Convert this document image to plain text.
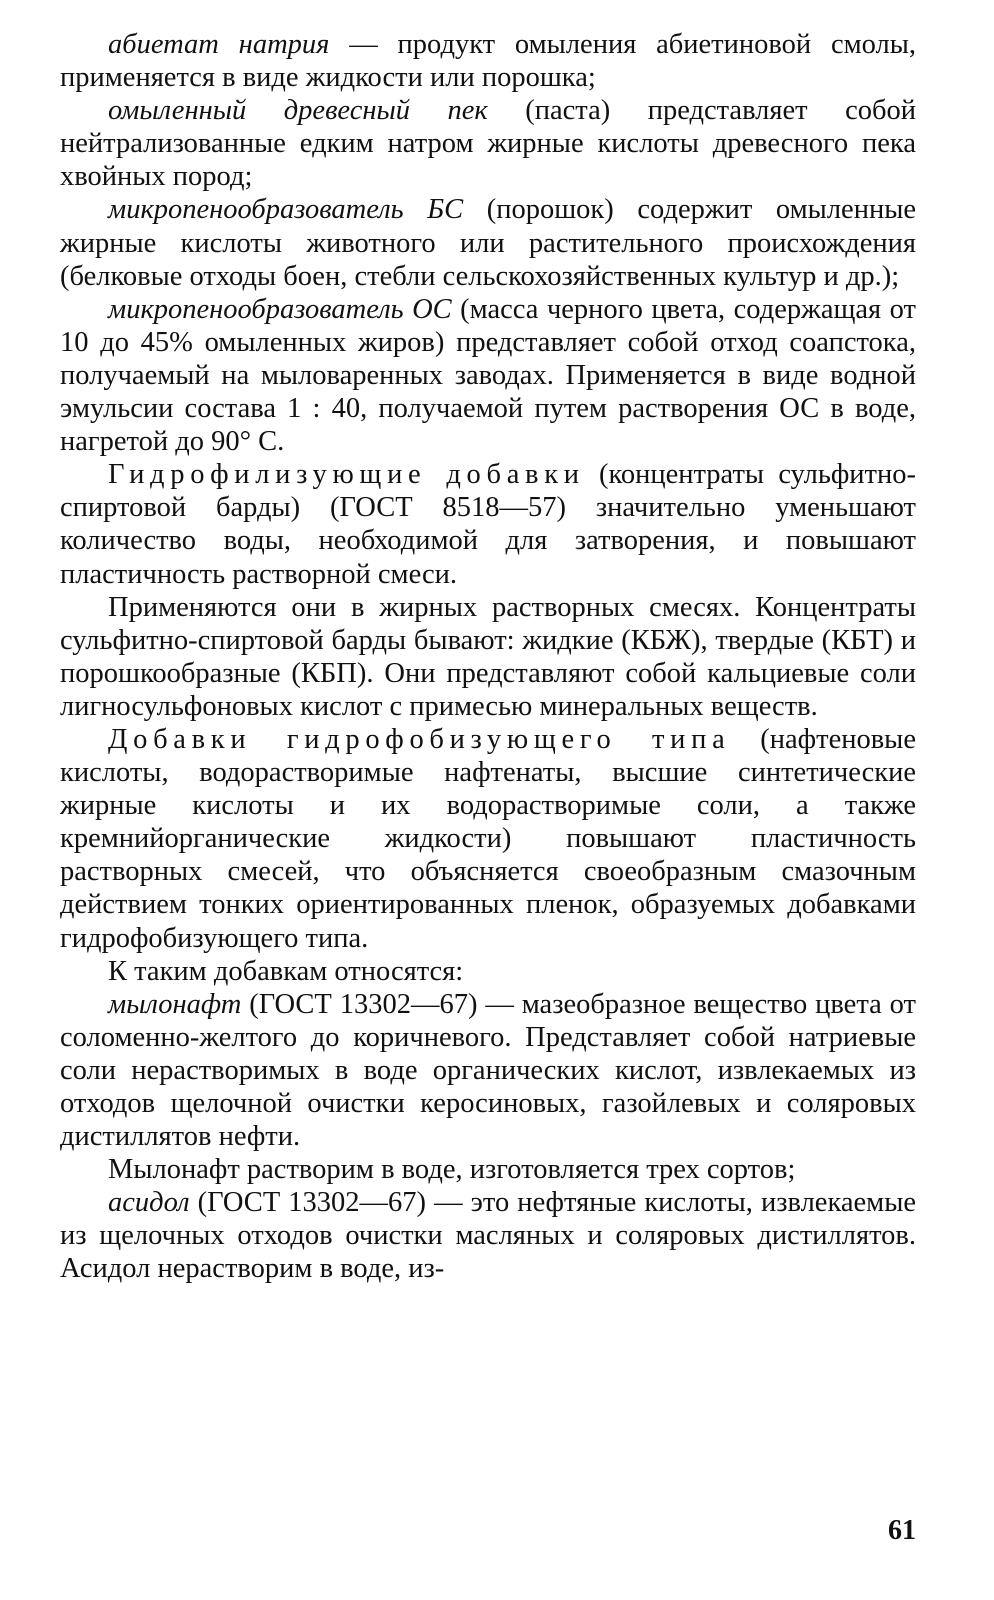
абиетат натрия — продукт омыления абиетиновой смолы, применяется в виде жидкости или порошка;

омыленный древесный пек (паста) представляет собой нейтрализованные едким натром жирные кислоты древесного пека хвойных пород;

микропенообразователь БС (порошок) содержит омыленные жирные кислоты животного или растительного происхождения (белковые отходы боен, стебли сельскохозяйственных культур и др.);

микропенообразователь ОС (масса черного цвета, содержащая от 10 до 45% омыленных жиров) представляет собой отход соапстока, получаемый на мыловаренных заводах. Применяется в виде водной эмульсии состава 1 : 40, получаемой путем растворения ОС в воде, нагретой до 90° С.

Гидрофилизующие добавки (концентраты сульфитно-спиртовой барды) (ГОСТ 8518—57) значительно уменьшают количество воды, необходимой для затворения, и повышают пластичность растворной смеси.

Применяются они в жирных растворных смесях. Концентраты сульфитно-спиртовой барды бывают: жидкие (КБЖ), твердые (КБТ) и порошкообразные (КБП). Они представляют собой кальциевые соли лигносульфоновых кислот с примесью минеральных веществ.

Добавки гидрофобизующего типа (нафтеновые кислоты, водорастворимые нафтенаты, высшие синтетические жирные кислоты и их водорастворимые соли, а также кремнийорганические жидкости) повышают пластичность растворных смесей, что объясняется своеобразным смазочным действием тонких ориентированных пленок, образуемых добавками гидрофобизующего типа.

К таким добавкам относятся:

мылонафт (ГОСТ 13302—67) — мазеобразное вещество цвета от соломенно-желтого до коричневого. Представляет собой натриевые соли нерастворимых в воде органических кислот, извлекаемых из отходов щелочной очистки керосиновых, газойлевых и соляровых дистиллятов нефти.

Мылонафт растворим в воде, изготовляется трех сортов;

асидол (ГОСТ 13302—67) — это нефтяные кислоты, извлекаемые из щелочных отходов очистки масляных и соляровых дистиллятов. Асидол нерастворим в воде, из-

61
